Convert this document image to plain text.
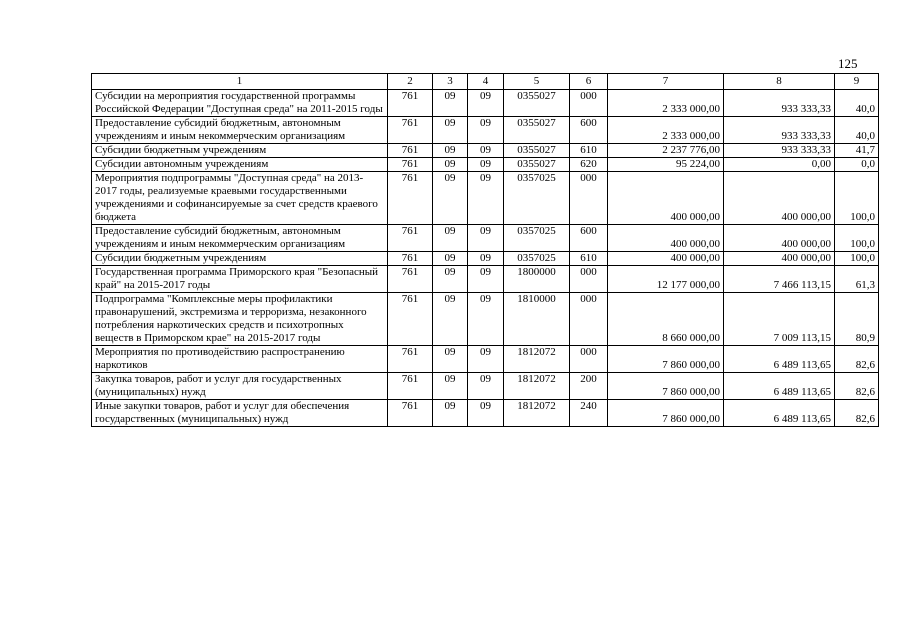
125
1	2	3	4	5	6	7	8	9
Субсидии на мероприятия государственной программы Российской Федерации "Доступная среда" на 2011-2015 годы	761	09	09	0355027	000	2 333 000,00	933 333,33	40,0
Предоставление субсидий бюджетным, автономным учреждениям и иным некоммерческим организациям	761	09	09	0355027	600	2 333 000,00	933 333,33	40,0
Субсидии бюджетным учреждениям	761	09	09	0355027	610	2 237 776,00	933 333,33	41,7
Субсидии автономным учреждениям	761	09	09	0355027	620	95 224,00	0,00	0,0
Мероприятия подпрограммы "Доступная среда" на 2013-2017 годы, реализуемые краевыми государственными учреждениями и софинансируемые за счет средств краевого бюджета	761	09	09	0357025	000	400 000,00	400 000,00	100,0
Предоставление субсидий бюджетным, автономным учреждениям и иным некоммерческим организациям	761	09	09	0357025	600	400 000,00	400 000,00	100,0
Субсидии бюджетным учреждениям	761	09	09	0357025	610	400 000,00	400 000,00	100,0
Государственная программа Приморского края "Безопасный край" на 2015-2017 годы	761	09	09	1800000	000	12 177 000,00	7 466 113,15	61,3
Подпрограмма "Комплексные меры профилактики правонарушений, экстремизма и терроризма, незаконного потребления наркотических средств и психотропных веществ в Приморском крае" на 2015-2017 годы	761	09	09	1810000	000	8 660 000,00	7 009 113,15	80,9
Мероприятия по противодействию распространению наркотиков	761	09	09	1812072	000	7 860 000,00	6 489 113,65	82,6
Закупка товаров, работ и услуг для государственных (муниципальных) нужд	761	09	09	1812072	200	7 860 000,00	6 489 113,65	82,6
Иные закупки товаров, работ и услуг для обеспечения государственных (муниципальных) нужд	761	09	09	1812072	240	7 860 000,00	6 489 113,65	82,6
